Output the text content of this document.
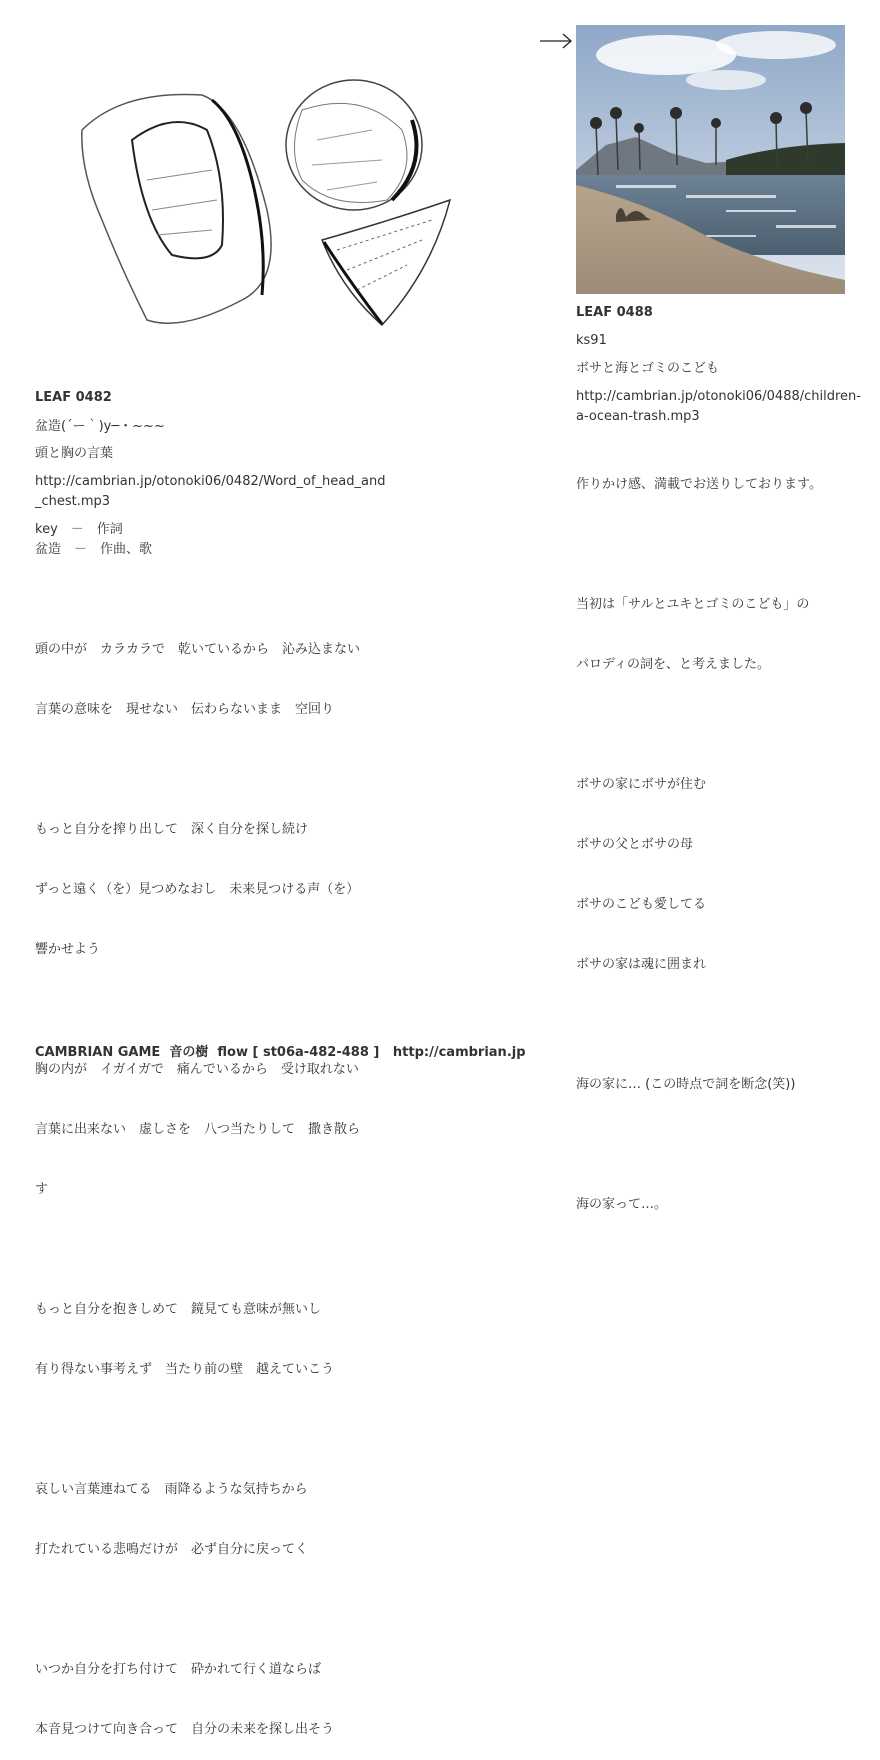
LEAF 0482
盆造(´ー｀)y─・~~~
頭と胸の言葉
http://cambrian.jp/otonoki06/0482/Word_of_head_and
_chest.mp3
key　－　作詞
盆造　－　作曲、歌

頭の中が　カラカラで　乾いているから　沁み込まない

言葉の意味を　現せない　伝わらないまま　空回り

もっと自分を搾り出して　深く自分を探し続け

ずっと遠く（を）見つめなおし　未来見つける声（を）

響かせよう

胸の内が　イガイガで　痛んでいるから　受け取れない

言葉に出来ない　虚しさを　八つ当たりして　撒き散ら

す

もっと自分を抱きしめて　鏡見ても意味が無いし

有り得ない事考えず　当たり前の壁　越えていこう

哀しい言葉連ねてる　雨降るような気持ちから

打たれている悲鳴だけが　必ず自分に戻ってく

いつか自分を打ち付けて　砕かれて行く道ならば

本音見つけて向き合って　自分の未来を探し出そう

LEAF 0488
ks91
ボサと海とゴミのこども
http://cambrian.jp/otonoki06/0488/children-
a-ocean-trash.mp3

作りかけ感、満載でお送りしております。

当初は「サルとユキとゴミのこども」の

パロディの詞を、と考えました。

ボサの家にボサが住む

ボサの父とボサの母

ボサのこども愛してる

ボサの家は魂に囲まれ

海の家に… (この時点で詞を断念(笑))

海の家って…。

CAMBRIAN GAME  音の樹  flow [ st06a-482-488 ]   http://cambrian.jp
